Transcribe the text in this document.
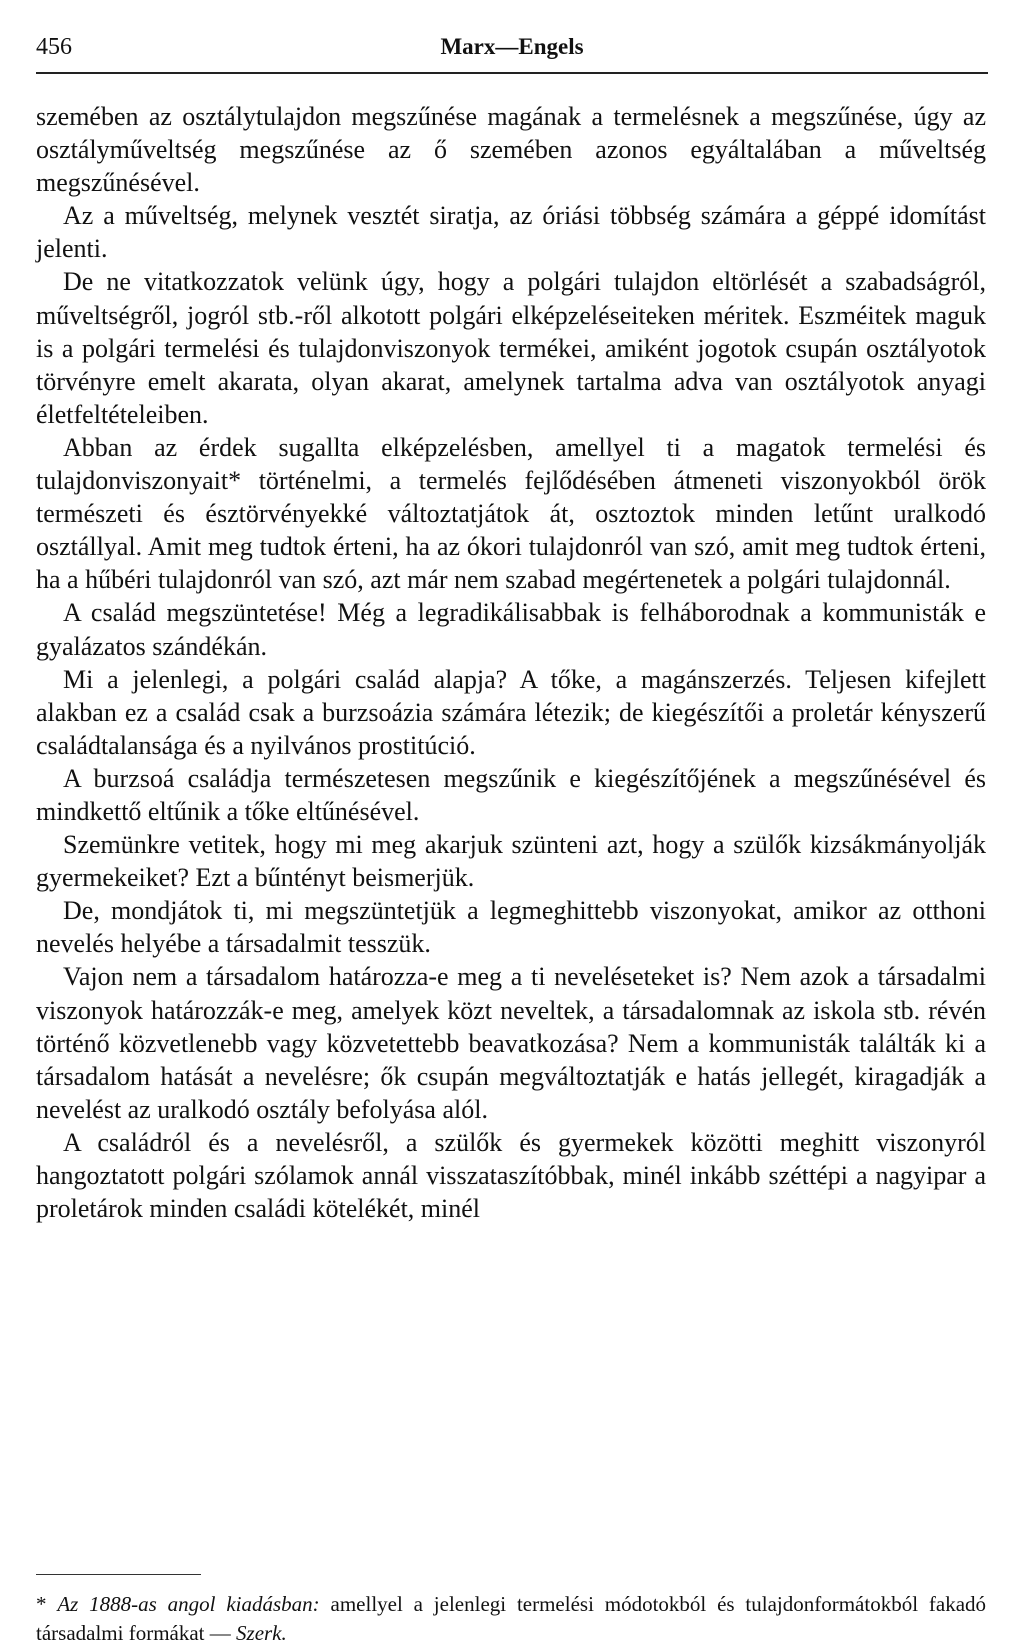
456	Marx—Engels

szemében az osztálytulajdon megszűnése magának a termelésnek a megszűnése, úgy az osztályműveltség megszűnése az ő szemében azonos egyáltalában a műveltség megszűnésével.

Az a műveltség, melynek vesztét siratja, az óriási többség számára a géppé idomítást jelenti.

De ne vitatkozzatok velünk úgy, hogy a polgári tulajdon eltörlését a szabadságról, műveltségről, jogról stb.-ről alkotott polgári elképzeléseiteken méritek. Eszméitek maguk is a polgári termelési és tulajdonviszonyok termékei, amiként jogotok csupán osztályotok törvényre emelt akarata, olyan akarat, amelynek tartalma adva van osztályotok anyagi életfeltételeiben.

Abban az érdek sugallta elképzelésben, amellyel ti a magatok termelési és tulajdonviszonyait* történelmi, a termelés fejlődésében átmeneti viszonyokból örök természeti és észtörvényekké változtatjátok át, osztoztok minden letűnt uralkodó osztállyal. Amit meg tudtok érteni, ha az ókori tulajdonról van szó, amit meg tudtok érteni, ha a hűbéri tulajdonról van szó, azt már nem szabad megértenetek a polgári tulajdonnál.

A család megszüntetése! Még a legradikálisabbak is felháborodnak a kommunisták e gyalázatos szándékán.

Mi a jelenlegi, a polgári család alapja? A tőke, a magánszerzés. Teljesen kifejlett alakban ez a család csak a burzsoázia számára létezik; de kiegészítői a proletár kényszerű családtalansága és a nyilvános prostitúció.

A burzsoá családja természetesen megszűnik e kiegészítőjének a megszűnésével és mindkettő eltűnik a tőke eltűnésével.

Szemünkre vetitek, hogy mi meg akarjuk szünteni azt, hogy a szülők kizsákmányolják gyermekeiket? Ezt a bűntényt beismerjük.

De, mondjátok ti, mi megszüntetjük a legmeghittebb viszonyokat, amikor az otthoni nevelés helyébe a társadalmit tesszük.

Vajon nem a társadalom határozza-e meg a ti neveléseteket is? Nem azok a társadalmi viszonyok határozzák-e meg, amelyek közt neveltek, a társadalomnak az iskola stb. révén történő közvetlenebb vagy közvetettebb beavatkozása? Nem a kommunisták találták ki a társadalom hatását a nevelésre; ők csupán megváltoztatják e hatás jellegét, kiragadják a nevelést az uralkodó osztály befolyása alól.

A családról és a nevelésről, a szülők és gyermekek közötti meghitt viszonyról hangoztatott polgári szólamok annál visszataszítóbbak, minél inkább széttépi a nagyipar a proletárok minden családi kötelékét, minél

* Az 1888-as angol kiadásban: amellyel a jelenlegi termelési módotokból és tulajdonformátokból fakadó társadalmi formákat — Szerk.
